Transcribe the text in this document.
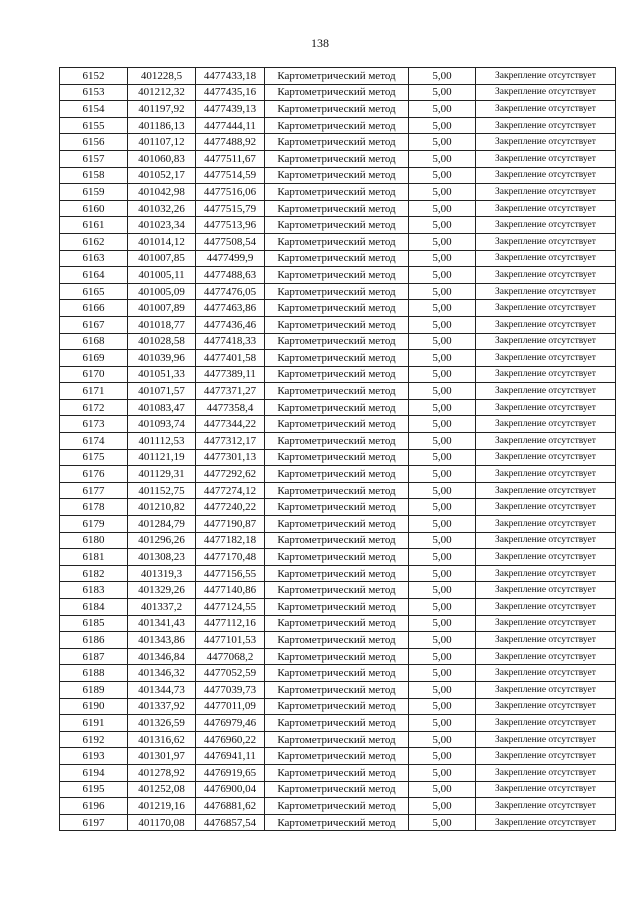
138
6152	401228,5	4477433,18	Картометрический метод	5,00	Закрепление отсутствует
6153	401212,32	4477435,16	Картометрический метод	5,00	Закрепление отсутствует
6154	401197,92	4477439,13	Картометрический метод	5,00	Закрепление отсутствует
6155	401186,13	4477444,11	Картометрический метод	5,00	Закрепление отсутствует
6156	401107,12	4477488,92	Картометрический метод	5,00	Закрепление отсутствует
6157	401060,83	4477511,67	Картометрический метод	5,00	Закрепление отсутствует
6158	401052,17	4477514,59	Картометрический метод	5,00	Закрепление отсутствует
6159	401042,98	4477516,06	Картометрический метод	5,00	Закрепление отсутствует
6160	401032,26	4477515,79	Картометрический метод	5,00	Закрепление отсутствует
6161	401023,34	4477513,96	Картометрический метод	5,00	Закрепление отсутствует
6162	401014,12	4477508,54	Картометрический метод	5,00	Закрепление отсутствует
6163	401007,85	4477499,9	Картометрический метод	5,00	Закрепление отсутствует
6164	401005,11	4477488,63	Картометрический метод	5,00	Закрепление отсутствует
6165	401005,09	4477476,05	Картометрический метод	5,00	Закрепление отсутствует
6166	401007,89	4477463,86	Картометрический метод	5,00	Закрепление отсутствует
6167	401018,77	4477436,46	Картометрический метод	5,00	Закрепление отсутствует
6168	401028,58	4477418,33	Картометрический метод	5,00	Закрепление отсутствует
6169	401039,96	4477401,58	Картометрический метод	5,00	Закрепление отсутствует
6170	401051,33	4477389,11	Картометрический метод	5,00	Закрепление отсутствует
6171	401071,57	4477371,27	Картометрический метод	5,00	Закрепление отсутствует
6172	401083,47	4477358,4	Картометрический метод	5,00	Закрепление отсутствует
6173	401093,74	4477344,22	Картометрический метод	5,00	Закрепление отсутствует
6174	401112,53	4477312,17	Картометрический метод	5,00	Закрепление отсутствует
6175	401121,19	4477301,13	Картометрический метод	5,00	Закрепление отсутствует
6176	401129,31	4477292,62	Картометрический метод	5,00	Закрепление отсутствует
6177	401152,75	4477274,12	Картометрический метод	5,00	Закрепление отсутствует
6178	401210,82	4477240,22	Картометрический метод	5,00	Закрепление отсутствует
6179	401284,79	4477190,87	Картометрический метод	5,00	Закрепление отсутствует
6180	401296,26	4477182,18	Картометрический метод	5,00	Закрепление отсутствует
6181	401308,23	4477170,48	Картометрический метод	5,00	Закрепление отсутствует
6182	401319,3	4477156,55	Картометрический метод	5,00	Закрепление отсутствует
6183	401329,26	4477140,86	Картометрический метод	5,00	Закрепление отсутствует
6184	401337,2	4477124,55	Картометрический метод	5,00	Закрепление отсутствует
6185	401341,43	4477112,16	Картометрический метод	5,00	Закрепление отсутствует
6186	401343,86	4477101,53	Картометрический метод	5,00	Закрепление отсутствует
6187	401346,84	4477068,2	Картометрический метод	5,00	Закрепление отсутствует
6188	401346,32	4477052,59	Картометрический метод	5,00	Закрепление отсутствует
6189	401344,73	4477039,73	Картометрический метод	5,00	Закрепление отсутствует
6190	401337,92	4477011,09	Картометрический метод	5,00	Закрепление отсутствует
6191	401326,59	4476979,46	Картометрический метод	5,00	Закрепление отсутствует
6192	401316,62	4476960,22	Картометрический метод	5,00	Закрепление отсутствует
6193	401301,97	4476941,11	Картометрический метод	5,00	Закрепление отсутствует
6194	401278,92	4476919,65	Картометрический метод	5,00	Закрепление отсутствует
6195	401252,08	4476900,04	Картометрический метод	5,00	Закрепление отсутствует
6196	401219,16	4476881,62	Картометрический метод	5,00	Закрепление отсутствует
6197	401170,08	4476857,54	Картометрический метод	5,00	Закрепление отсутствует
